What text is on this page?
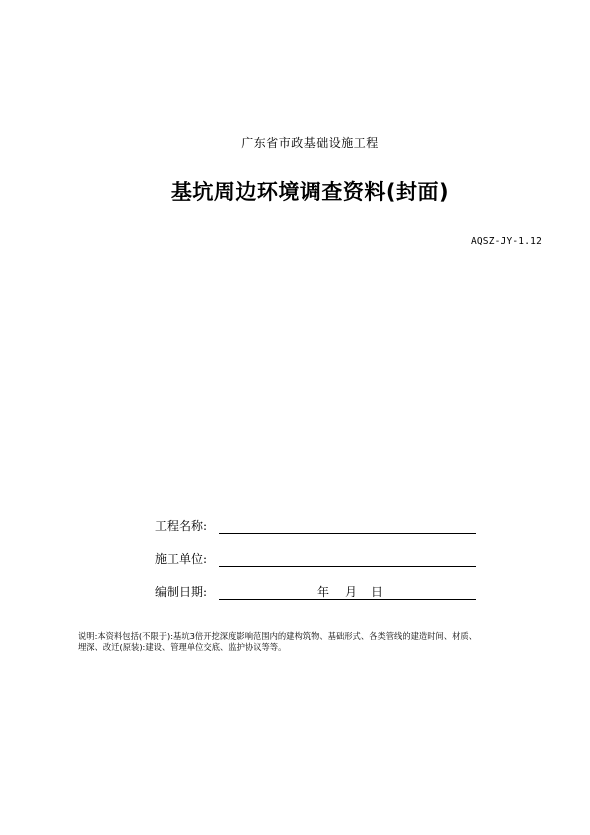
广东省市政基础设施工程
基坑周边环境调查资料(封面)
AQSZ-JY-1.12
工程名称:
施工单位:
编制日期:	年 月 日
说明:本资料包括(不限于):基坑3倍开挖深度影响范围内的建构筑物、基础形式、各类管线的建造时间、材质、
埋深、改迁(原装):建设、管理单位交底、监护协议等等。
